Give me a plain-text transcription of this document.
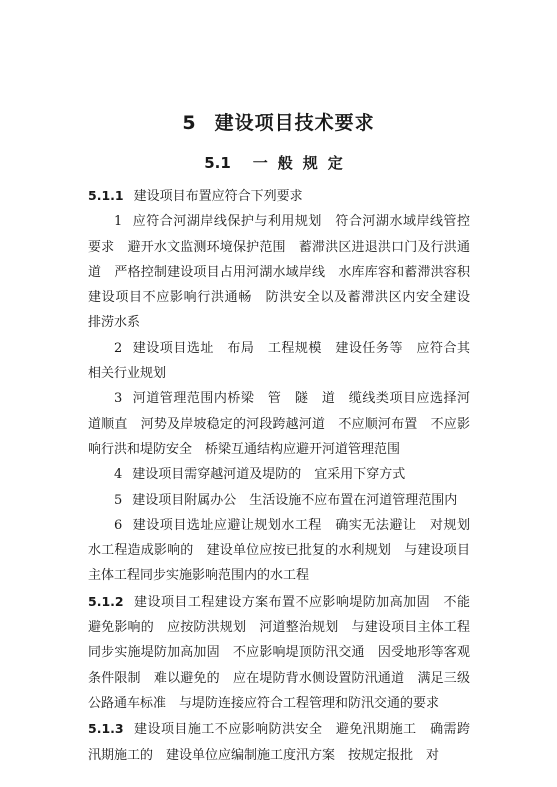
5 建设项目技术要求
5.1 一般规定

5.1.1 建设项目布置应符合下列要求

1 应符合河湖岸线保护与利用规划　符合河湖水域岸线管控要求　避开水文监测环境保护范围　蓄滞洪区进退洪口门及行洪通道　严格控制建设项目占用河湖水域岸线　水库库容和蓄滞洪容积　建设项目不应影响行洪通畅　防洪安全以及蓄滞洪区内安全建设　排涝水系

2 建设项目选址　布局　工程规模　建设任务等　应符合其相关行业规划

3 河道管理范围内桥梁　管　隧　道　缆线类项目应选择河道顺直　河势及岸坡稳定的河段跨越河道　不应顺河布置　不应影响行洪和堤防安全　桥梁互通结构应避开河道管理范围

4 建设项目需穿越河道及堤防的　宜采用下穿方式

5 建设项目附属办公　生活设施不应布置在河道管理范围内

6 建设项目选址应避让规划水工程　确实无法避让　对规划水工程造成影响的　建设单位应按已批复的水利规划　与建设项目主体工程同步实施影响范围内的水工程

5.1.2 建设项目工程建设方案布置不应影响堤防加高加固　不能避免影响的　应按防洪规划　河道整治规划　与建设项目主体工程同步实施堤防加高加固　不应影响堤顶防汛交通　因受地形等客观条件限制　难以避免的　应在堤防背水侧设置防汛通道　满足三级公路通车标准　与堤防连接应符合工程管理和防汛交通的要求

5.1.3 建设项目施工不应影响防洪安全　避免汛期施工　确需跨汛期施工的　建设单位应编制施工度汛方案　按规定报批　对
